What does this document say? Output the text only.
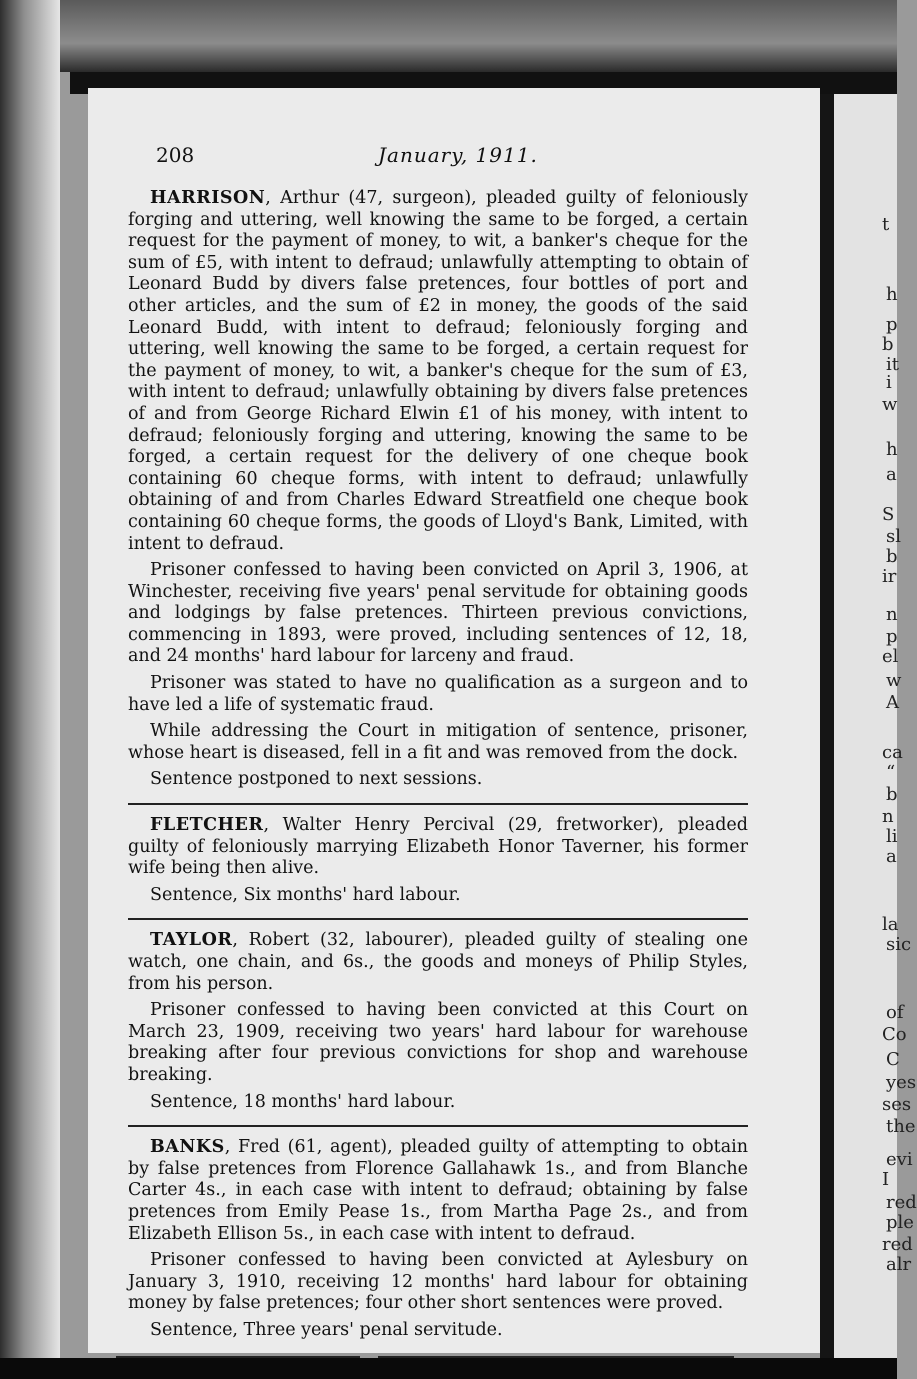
208	January, 1911.

HARRISON, Arthur (47, surgeon), pleaded guilty of feloniously forging and uttering, well knowing the same to be forged, a certain request for the payment of money, to wit, a banker's cheque for the sum of £5, with intent to defraud; unlawfully attempting to obtain of Leonard Budd by divers false pretences, four bottles of port and other articles, and the sum of £2 in money, the goods of the said Leonard Budd, with intent to defraud; feloniously forging and uttering, well knowing the same to be forged, a certain request for the payment of money, to wit, a banker's cheque for the sum of £3, with intent to defraud; unlawfully obtaining by divers false pretences of and from George Richard Elwin £1 of his money, with intent to defraud; feloniously forging and uttering, knowing the same to be forged, a certain request for the delivery of one cheque book containing 60 cheque forms, with intent to defraud; unlawfully obtaining of and from Charles Edward Streatfield one cheque book containing 60 cheque forms, the goods of Lloyd's Bank, Limited, with intent to defraud.

Prisoner confessed to having been convicted on April 3, 1906, at Winchester, receiving five years' penal servitude for obtaining goods and lodgings by false pretences. Thirteen previous convictions, commencing in 1893, were proved, including sentences of 12, 18, and 24 months' hard labour for larceny and fraud.

Prisoner was stated to have no qualification as a surgeon and to have led a life of systematic fraud.

While addressing the Court in mitigation of sentence, prisoner, whose heart is diseased, fell in a fit and was removed from the dock.

Sentence postponed to next sessions.

FLETCHER, Walter Henry Percival (29, fretworker), pleaded guilty of feloniously marrying Elizabeth Honor Taverner, his former wife being then alive.

Sentence, Six months' hard labour.

TAYLOR, Robert (32, labourer), pleaded guilty of stealing one watch, one chain, and 6s., the goods and moneys of Philip Styles, from his person.

Prisoner confessed to having been convicted at this Court on March 23, 1909, receiving two years' hard labour for warehouse breaking after four previous convictions for shop and warehouse breaking.

Sentence, 18 months' hard labour.

BANKS, Fred (61, agent), pleaded guilty of attempting to obtain by false pretences from Florence Gallahawk 1s., and from Blanche Carter 4s., in each case with intent to defraud; obtaining by false pretences from Emily Pease 1s., from Martha Page 2s., and from Elizabeth Ellison 5s., in each case with intent to defraud.

Prisoner confessed to having been convicted at Aylesbury on January 3, 1910, receiving 12 months' hard labour for obtaining money by false pretences; four other short sentences were proved.

Sentence, Three years' penal servitude.

t
h
p
b
it
i
w
h
a
S
sl
b
ir
n
p
el
w
A
ca
“
b
n
li
a
la
sic
of
Co
C
yes
ses
the
evi
I
red
ple
red
alr
